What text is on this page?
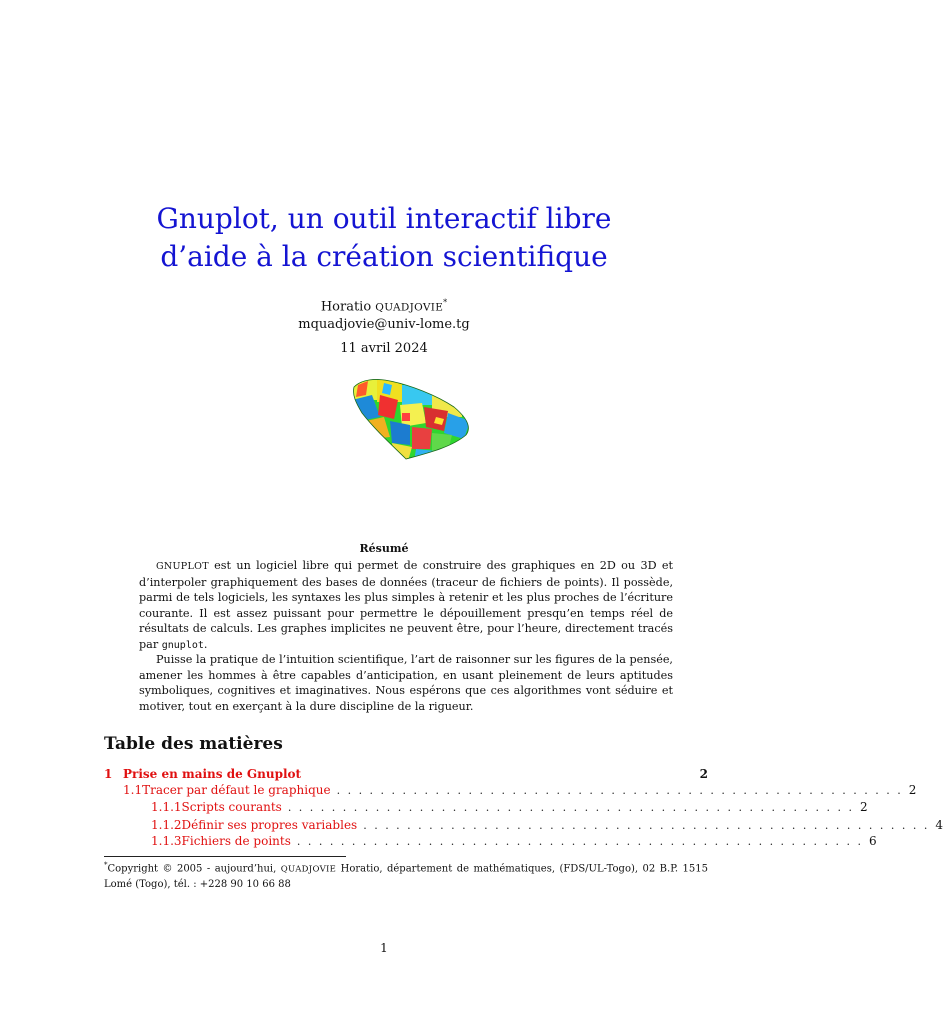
Gnuplot, un outil interactif libre
d’aide à la création scientifique
Horatio QUADJOVIE*
mquadjovie@univ-lome.tg
11 avril 2024
Résumé

GNUPLOT est un logiciel libre qui permet de construire des graphiques en 2D ou 3D et d’interpoler graphiquement des bases de données (traceur de fichiers de points). Il possède, parmi de tels logiciels, les syntaxes les plus simples à retenir et les plus proches de l’écriture courante. Il est assez puissant pour permettre le dépouillement presqu’en temps réel de résultats de calculs. Les graphes implicites ne peuvent être, pour l’heure, directement tracés par gnuplot.

Puisse la pratique de l’intuition scientifique, l’art de raisonner sur les figures de la pensée, amener les hommes à être capables d’anticipation, en usant pleinement de leurs aptitudes symboliques, cognitives et imaginatives. Nous espérons que ces algorithmes vont séduire et motiver, tout en exerçant à la dure discipline de la rigueur.

Table des matières
1 Prise en mains de Gnuplot	2
1.1 Tracer par défaut le graphique . . . . . . . . . . . . . . . . . . . . . . . . . . . . . . . . . . . . . . . . . . . . . . . . . . . . 2
1.1.1 Scripts courants . . . . . . . . . . . . . . . . . . . . . . . . . . . . . . . . . . . . . . . . . . . . . . . . . . . . 2
1.1.2 Définir ses propres variables . . . . . . . . . . . . . . . . . . . . . . . . . . . . . . . . . . . . . . . . . . . . . . . . . . . . 4
1.1.3 Fichiers de points . . . . . . . . . . . . . . . . . . . . . . . . . . . . . . . . . . . . . . . . . . . . . . . . . . . . 6
*Copyright © 2005 - aujourd’hui, QUADJOVIE Horatio, département de mathématiques, (FDS/UL-Togo), 02 B.P. 1515 Lomé (Togo), tél. : +228 90 10 66 88
1
